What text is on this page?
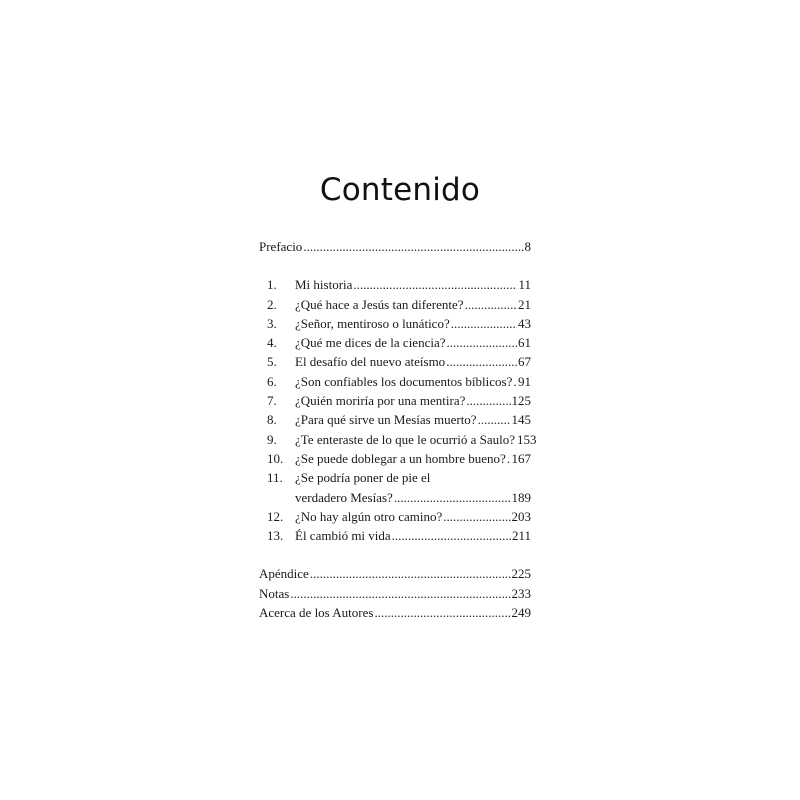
Contenido
Prefacio .....	8
1.	Mi historia .....	11
2.	¿Qué hace a Jesús tan diferente? .....	21
3.	¿Señor, mentiroso o lunático? .....	43
4.	¿Qué me dices de la ciencia? .....	61
5.	El desafío del nuevo ateísmo .....	67
6.	¿Son confiables los documentos bíblicos? ..... 91
7.	¿Quién moriría por una mentira? .....	125
8.	¿Para qué sirve un Mesías muerto? .....	145
9.	¿Te enteraste de lo que le ocurrió a Saulo? 153
10. ¿Se puede doblegar a un hombre bueno? ..... 167
11. ¿Se podría poner de pie el
verdadero Mesías? .....	189
12. ¿No hay algún otro camino? .....	203
13. Él cambió mi vida .....	211
Apéndice .....	225
Notas .....	233
Acerca de los Autores .....	249
